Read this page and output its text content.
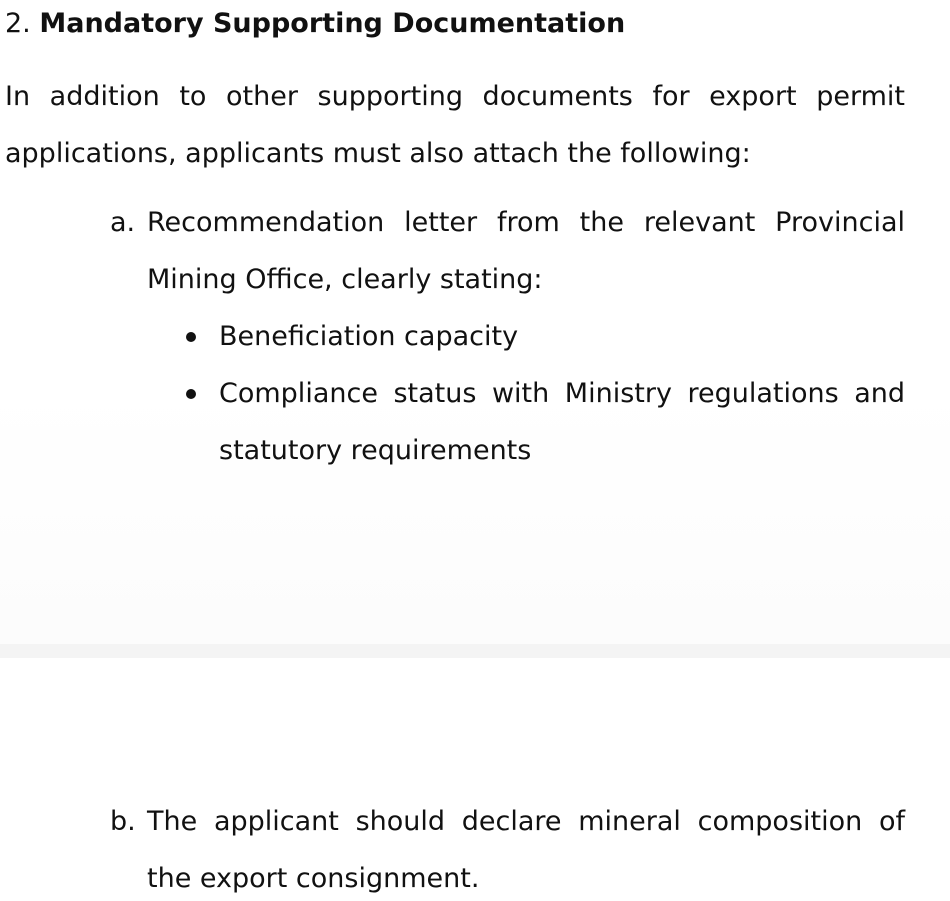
2. Mandatory Supporting Documentation

In addition to other supporting documents for export permit
applications, applicants must also attach the following:

a. Recommendation letter from the relevant Provincial
Mining Office, clearly stating:
Beneficiation capacity
Compliance status with Ministry regulations and
statutory requirements
b. The applicant should declare mineral composition of
the export consignment.
